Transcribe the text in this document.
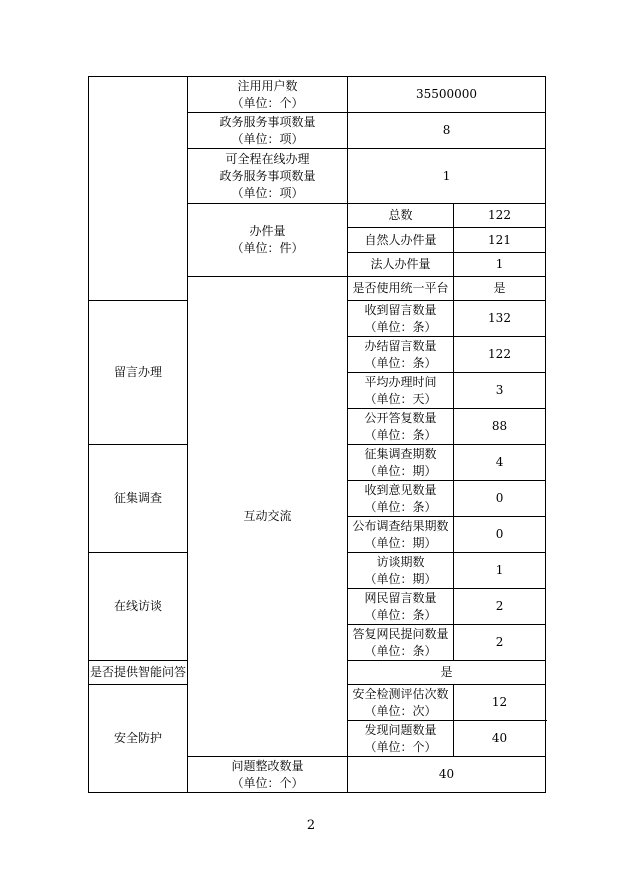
	注用用户数
（单位：个）	35500000	
	政务服务事项数量
（单位：项）	8	
	可全程在线办理
政务服务事项数量
（单位：项）	1	
	办件量
（单位：件）	总数	122
		自然人办件量	121
		法人办件量	1
	互动交流	是否使用统一平台	是
留言办理		收到留言数量
（单位：条）	132
		办结留言数量
（单位：条）	122
		平均办理时间
（单位：天）	3
		公开答复数量
（单位：条）	88
征集调查		征集调查期数
（单位：期）	4
		收到意见数量
（单位：条）	0
		公布调查结果期数
（单位：期）	0
在线访谈		访谈期数
（单位：期）	1
		网民留言数量
（单位：条）	2
		答复网民提问数量
（单位：条）	2
是否提供智能问答		是	
安全防护		安全检测评估次数
（单位：次）	12
		发现问题数量
（单位：个）	40
	问题整改数量
（单位：个）	40	
2
